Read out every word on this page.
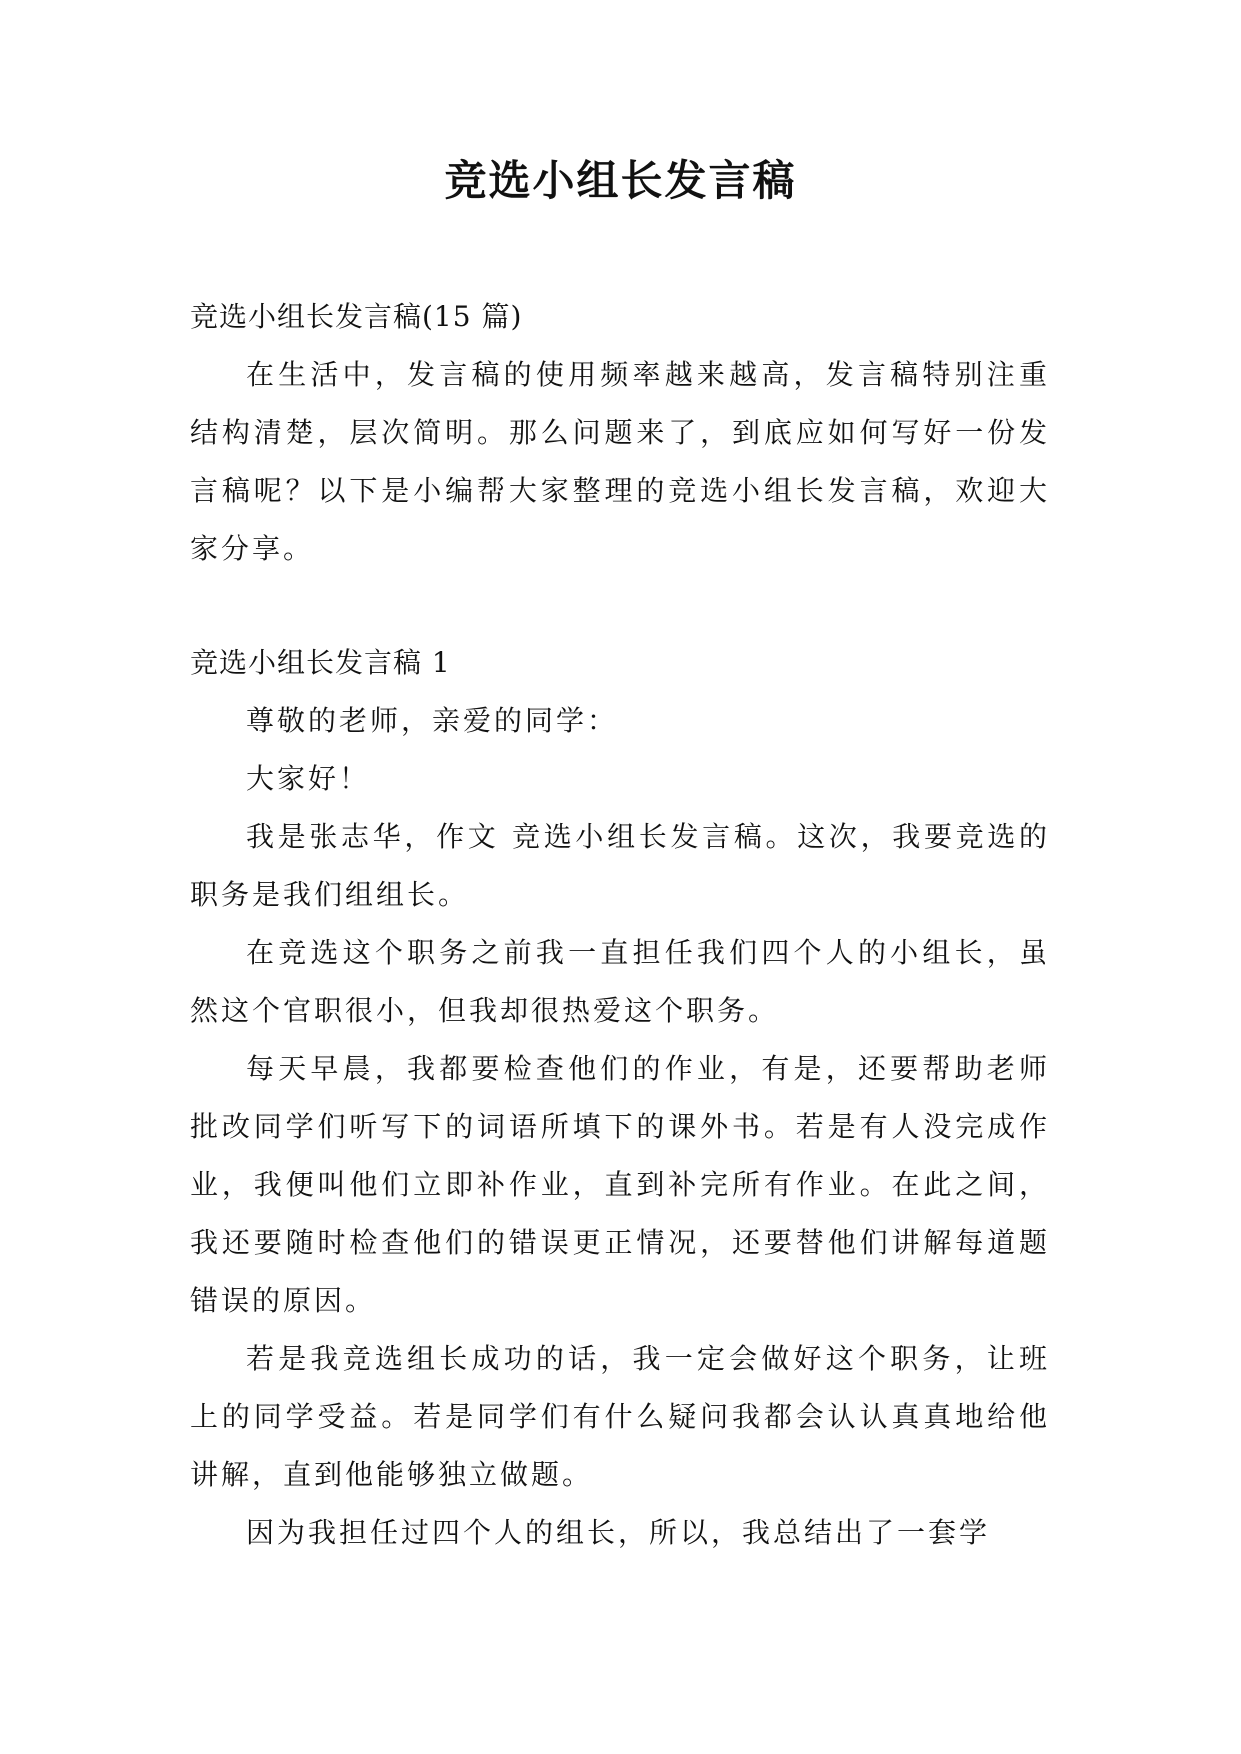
竞选小组长发言稿

竞选小组长发言稿(15 篇)

在生活中，发言稿的使用频率越来越高，发言稿特别注重结构清楚，层次简明。那么问题来了，到底应如何写好一份发言稿呢？以下是小编帮大家整理的竞选小组长发言稿，欢迎大家分享。

竞选小组长发言稿 1

尊敬的老师，亲爱的同学：

大家好！

我是张志华，作文 竞选小组长发言稿。这次，我要竞选的职务是我们组组长。

在竞选这个职务之前我一直担任我们四个人的小组长，虽然这个官职很小，但我却很热爱这个职务。

每天早晨，我都要检查他们的作业，有是，还要帮助老师批改同学们听写下的词语所填下的课外书。若是有人没完成作业，我便叫他们立即补作业，直到补完所有作业。在此之间，我还要随时检查他们的错误更正情况，还要替他们讲解每道题错误的原因。

若是我竞选组长成功的话，我一定会做好这个职务，让班上的同学受益。若是同学们有什么疑问我都会认认真真地给他讲解，直到他能够独立做题。

因为我担任过四个人的组长，所以，我总结出了一套学
